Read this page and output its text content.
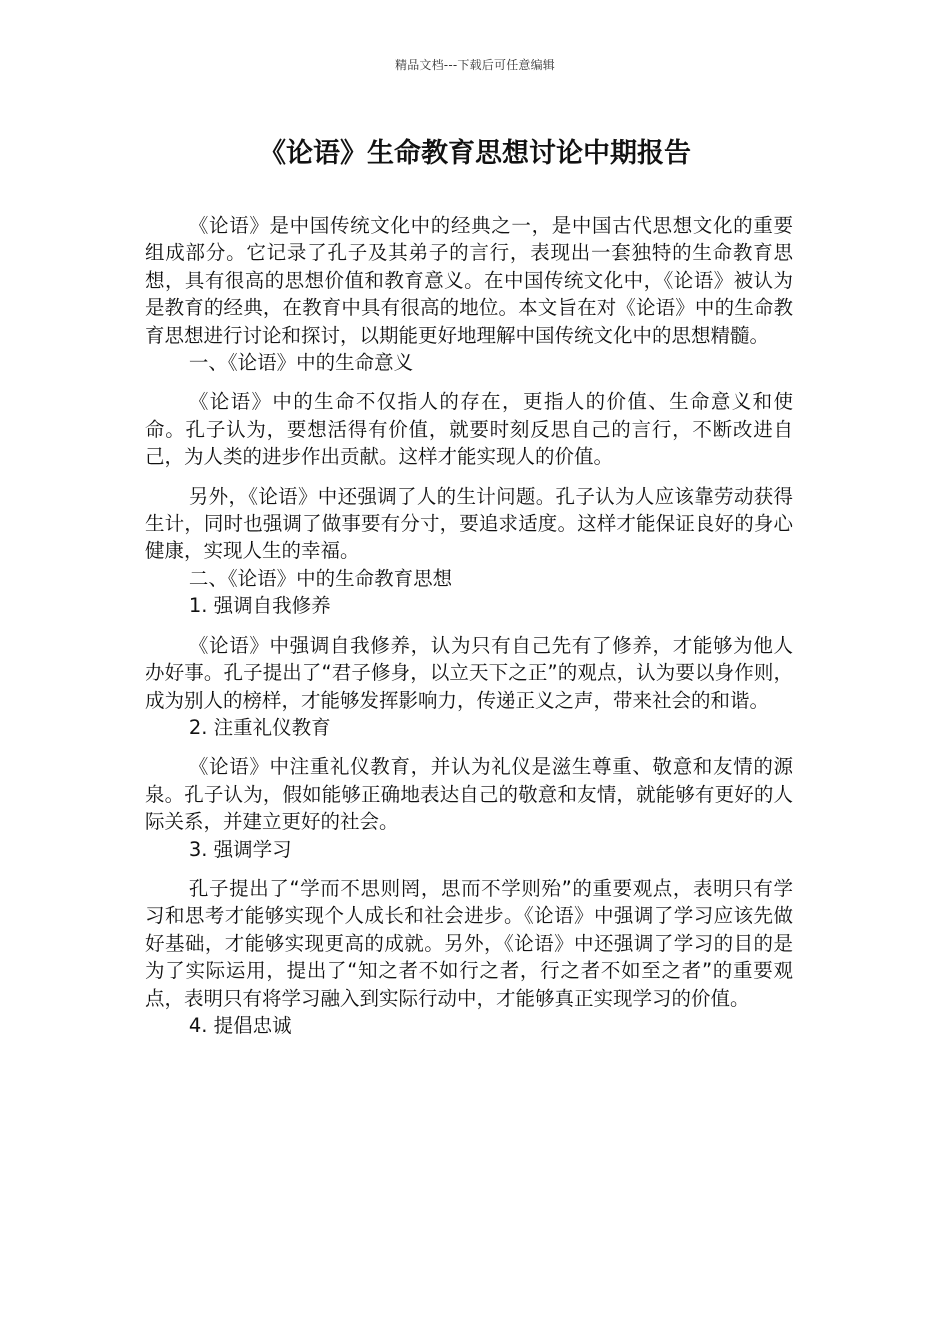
精品文档---下载后可任意编辑
《论语》生命教育思想讨论中期报告

《论语》是中国传统文化中的经典之一，是中国古代思想文化的重要组成部分。它记录了孔子及其弟子的言行，表现出一套独特的生命教育思想，具有很高的思想价值和教育意义。在中国传统文化中，《论语》被认为是教育的经典，在教育中具有很高的地位。本文旨在对《论语》中的生命教育思想进行讨论和探讨，以期能更好地理解中国传统文化中的思想精髓。

一、《论语》中的生命意义

《论语》中的生命不仅指人的存在，更指人的价值、生命意义和使命。孔子认为，要想活得有价值，就要时刻反思自己的言行，不断改进自己，为人类的进步作出贡献。这样才能实现人的价值。

另外，《论语》中还强调了人的生计问题。孔子认为人应该靠劳动获得生计，同时也强调了做事要有分寸，要追求适度。这样才能保证良好的身心健康，实现人生的幸福。

二、《论语》中的生命教育思想

1. 强调自我修养

《论语》中强调自我修养，认为只有自己先有了修养，才能够为他人办好事。孔子提出了“君子修身，以立天下之正”的观点，认为要以身作则，成为别人的榜样，才能够发挥影响力，传递正义之声，带来社会的和谐。

2. 注重礼仪教育

《论语》中注重礼仪教育，并认为礼仪是滋生尊重、敬意和友情的源泉。孔子认为，假如能够正确地表达自己的敬意和友情，就能够有更好的人际关系，并建立更好的社会。

3. 强调学习

孔子提出了“学而不思则罔，思而不学则殆”的重要观点，表明只有学习和思考才能够实现个人成长和社会进步。《论语》中强调了学习应该先做好基础，才能够实现更高的成就。另外，《论语》中还强调了学习的目的是为了实际运用，提出了“知之者不如行之者，行之者不如至之者”的重要观点，表明只有将学习融入到实际行动中，才能够真正实现学习的价值。

4. 提倡忠诚
